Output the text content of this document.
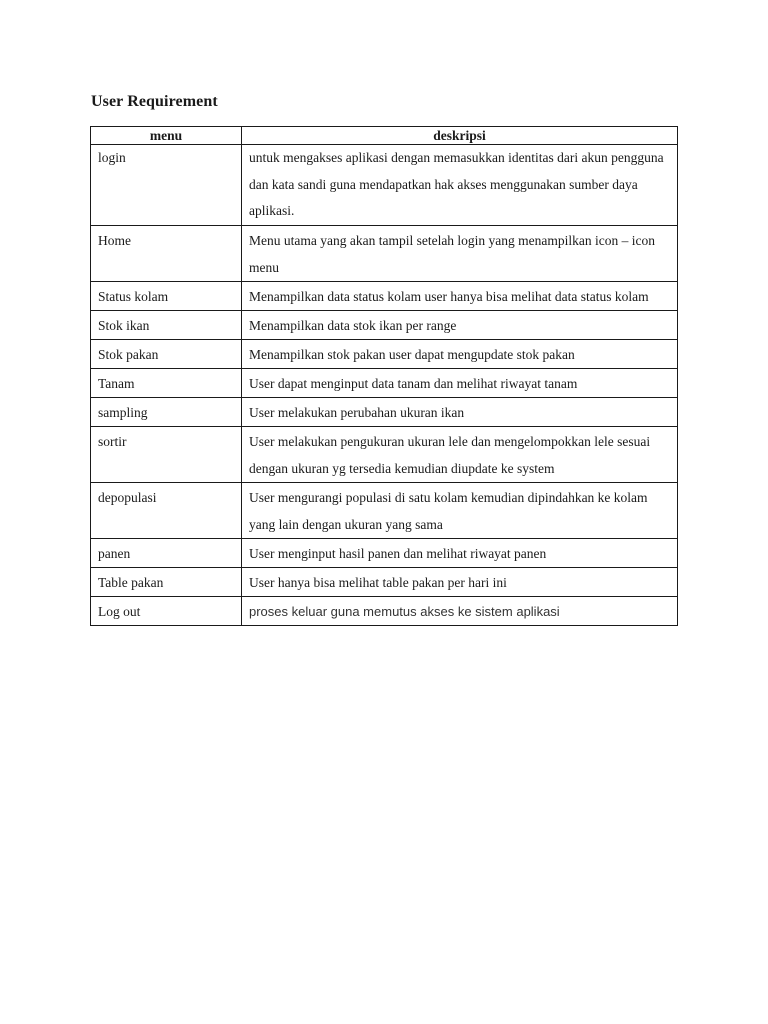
User Requirement
menu	deskripsi
login	untuk mengakses aplikasi dengan memasukkan identitas dari akun pengguna dan kata sandi guna mendapatkan hak akses menggunakan sumber daya aplikasi.
Home	Menu utama yang akan tampil setelah login yang menampilkan icon – icon menu
Status kolam	Menampilkan data status kolam user hanya bisa melihat data status kolam
Stok ikan	Menampilkan data stok ikan per range
Stok pakan	Menampilkan stok pakan user dapat mengupdate stok pakan
Tanam	User dapat menginput data tanam dan melihat riwayat tanam
sampling	User melakukan perubahan ukuran ikan
sortir	User melakukan pengukuran ukuran lele dan mengelompokkan lele sesuai dengan ukuran yg tersedia kemudian diupdate ke system
depopulasi	User mengurangi populasi di satu kolam kemudian dipindahkan ke kolam yang lain dengan ukuran yang sama
panen	User menginput hasil panen dan melihat riwayat panen
Table pakan	User hanya bisa melihat table pakan per hari ini
Log out	proses keluar guna memutus akses ke sistem aplikasi
